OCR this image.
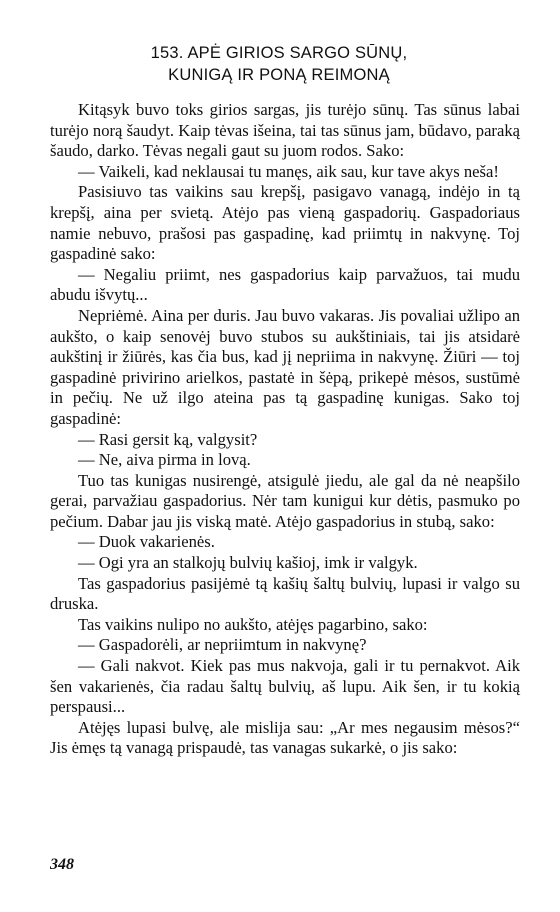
153. APĖ GIRIOS SARGO SŪNŲ,
KUNIGĄ IR PONĄ REIMONĄ

Kitąsyk buvo toks girios sargas, jis turėjo sūnų. Tas sūnus labai turėjo norą šaudyt. Kaip tėvas išeina, tai tas sūnus jam, būdavo, paraką šaudo, darko. Tėvas negali gaut su juom rodos. Sako:

— Vaikeli, kad neklausai tu manęs, aik sau, kur tave akys neša!

Pasisiuvo tas vaikins sau krepšį, pasigavo vanagą, indėjo in tą krepšį, aina per svietą. Atėjo pas vieną gaspadorių. Gaspadoriaus namie nebuvo, prašosi pas gaspadinę, kad priimtų in nakvynę. Toj gaspadinė sako:

— Negaliu priimt, nes gaspadorius kaip parvažuos, tai mudu abudu išvytų...

Nepriėmė. Aina per duris. Jau buvo vakaras. Jis povaliai užlipo an aukšto, o kaip senovėj buvo stubos su aukštiniais, tai jis atsidarė aukštinį ir žiūrės, kas čia bus, kad jį nepriima in nakvynę. Žiūri — toj gaspadinė privirino arielkos, pastatė in šėpą, prikepė mėsos, sustūmė in pečių. Ne už ilgo ateina pas tą gaspadinę kunigas. Sako toj gaspadinė:

— Rasi gersit ką, valgysit?

— Ne, aiva pirma in lovą.

Tuo tas kunigas nusirengė, atsigulė jiedu, ale gal da nė neapšilo gerai, parvažiau gaspadorius. Nėr tam kunigui kur dėtis, pasmuko po pečium. Dabar jau jis viską matė. Atėjo gaspadorius in stubą, sako:

— Duok vakarienės.

— Ogi yra an stalkojų bulvių kašioj, imk ir valgyk.

Tas gaspadorius pasijėmė tą kašių šaltų bulvių, lupasi ir valgo su druska.

Tas vaikins nulipo no aukšto, atėjęs pagarbino, sako:

— Gaspadorėli, ar nepriimtum in nakvynę?

— Gali nakvot. Kiek pas mus nakvoja, gali ir tu pernakvot. Aik šen vakarienės, čia radau šaltų bulvių, aš lupu. Aik šen, ir tu kokią perspausi...

Atėjęs lupasi bulvę, ale mislija sau: „Ar mes negausim mėsos?“ Jis ėmęs tą vanagą prispaudė, tas vanagas sukarkė, o jis sako:

348
